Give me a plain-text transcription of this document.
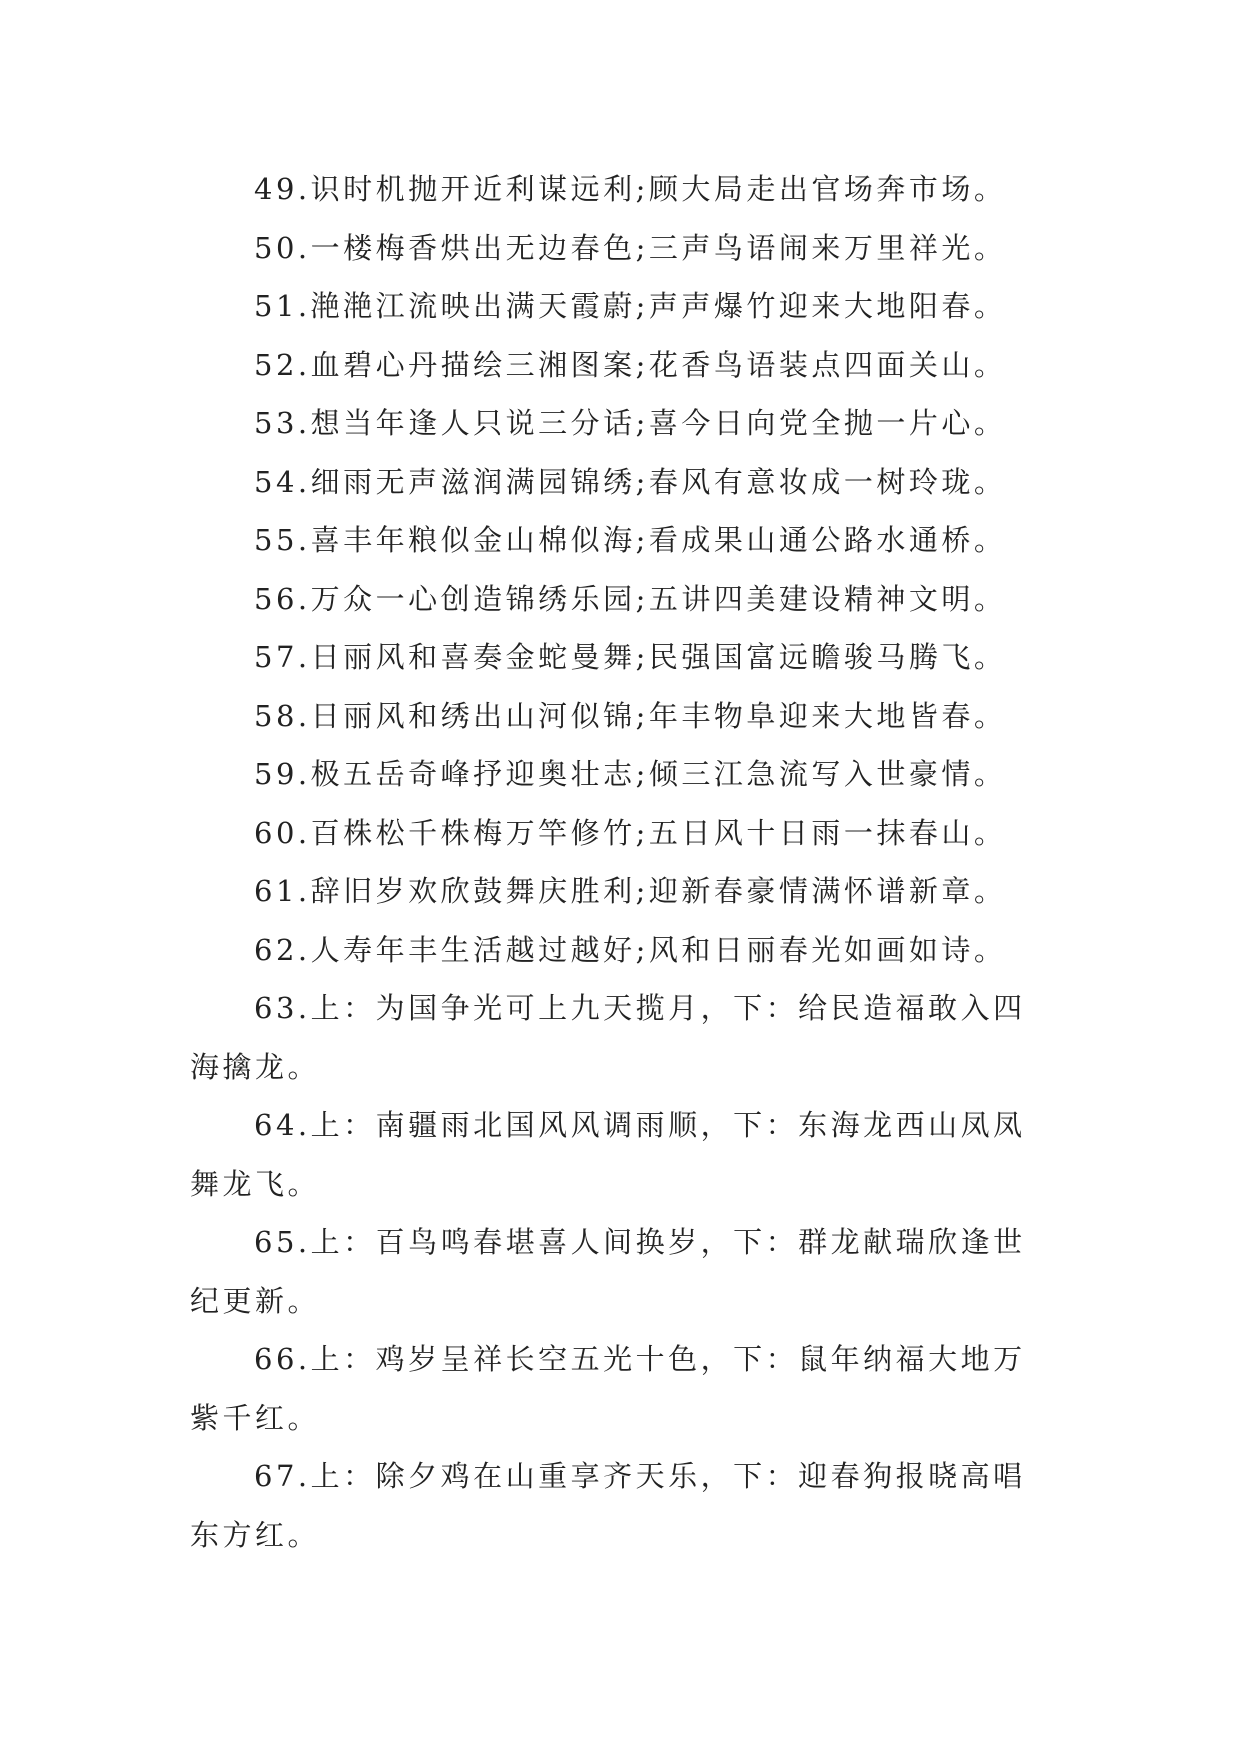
49.识时机抛开近利谋远利;顾大局走出官场奔市场。

50.一楼梅香烘出无边春色;三声鸟语闹来万里祥光。

51.滟滟江流映出满天霞蔚;声声爆竹迎来大地阳春。

52.血碧心丹描绘三湘图案;花香鸟语装点四面关山。

53.想当年逢人只说三分话;喜今日向党全抛一片心。

54.细雨无声滋润满园锦绣;春风有意妆成一树玲珑。

55.喜丰年粮似金山棉似海;看成果山通公路水通桥。

56.万众一心创造锦绣乐园;五讲四美建设精神文明。

57.日丽风和喜奏金蛇曼舞;民强国富远瞻骏马腾飞。

58.日丽风和绣出山河似锦;年丰物阜迎来大地皆春。

59.极五岳奇峰抒迎奥壮志;倾三江急流写入世豪情。

60.百株松千株梅万竿修竹;五日风十日雨一抹春山。

61.辞旧岁欢欣鼓舞庆胜利;迎新春豪情满怀谱新章。

62.人寿年丰生活越过越好;风和日丽春光如画如诗。

63.上：为国争光可上九天揽月，下：给民造福敢入四海擒龙。

64.上：南疆雨北国风风调雨顺，下：东海龙西山凤凤舞龙飞。

65.上：百鸟鸣春堪喜人间换岁，下：群龙献瑞欣逢世纪更新。

66.上：鸡岁呈祥长空五光十色，下：鼠年纳福大地万紫千红。

67.上：除夕鸡在山重享齐天乐，下：迎春狗报晓高唱东方红。
